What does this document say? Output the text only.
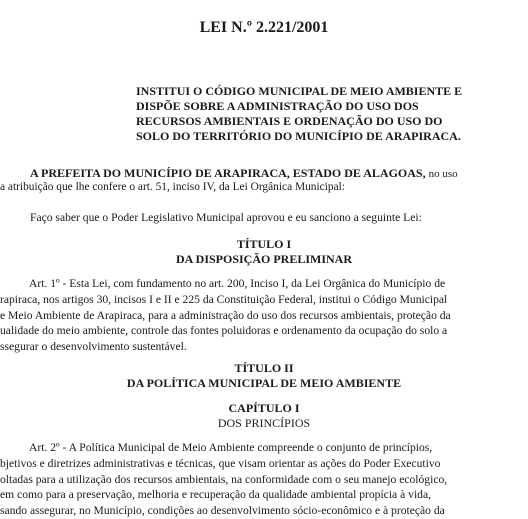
LEI N.º 2.221/2001
INSTITUI O CÓDIGO MUNICIPAL DE MEIO AMBIENTE E
DISPÕE SOBRE A ADMINISTRAÇÃO DO USO DOS
RECURSOS AMBIENTAIS E ORDENAÇÃO DO USO DO
SOLO DO TERRITÓRIO DO MUNICÍPIO DE ARAPIRACA.
A PREFEITA DO MUNICÍPIO DE ARAPIRACA, ESTADO DE ALAGOAS, no uso
a atribuição que lhe confere o art. 51, inciso IV, da Lei Orgânica Municipal:
Faço saber que o Poder Legislativo Municipal aprovou e eu sanciono a seguinte Lei:
TÍTULO I
DA DISPOSIÇÃO PRELIMINAR
Art. 1º - Esta Lei, com fundamento no art. 200, Inciso I, da Lei Orgânica do Município de
rapiraca, nos artigos 30, incisos I e II e 225 da Constituição Federal, institui o Código Municipal
e Meio Ambiente de Arapiraca, para a administração do uso dos recursos ambientais, proteção da
ualidade do meio ambiente, controle das fontes poluidoras e ordenamento da ocupação do solo a
ssegurar o desenvolvimento sustentável.
TÍTULO II
DA POLÍTICA MUNICIPAL DE MEIO AMBIENTE
CAPÍTULO I
DOS PRINCÍPIOS
Art. 2º - A Política Municipal de Meio Ambiente compreende o conjunto de princípios,
bjetivos e diretrizes administrativas e técnicas, que visam orientar as ações do Poder Executivo
oltadas para a utilização dos recursos ambientais, na conformidade com o seu manejo ecológico,
em como para a preservação, melhoria e recuperação da qualidade ambiental propícia à vida,
sando assegurar, no Município, condições ao desenvolvimento sócio-econômico e à proteção da
